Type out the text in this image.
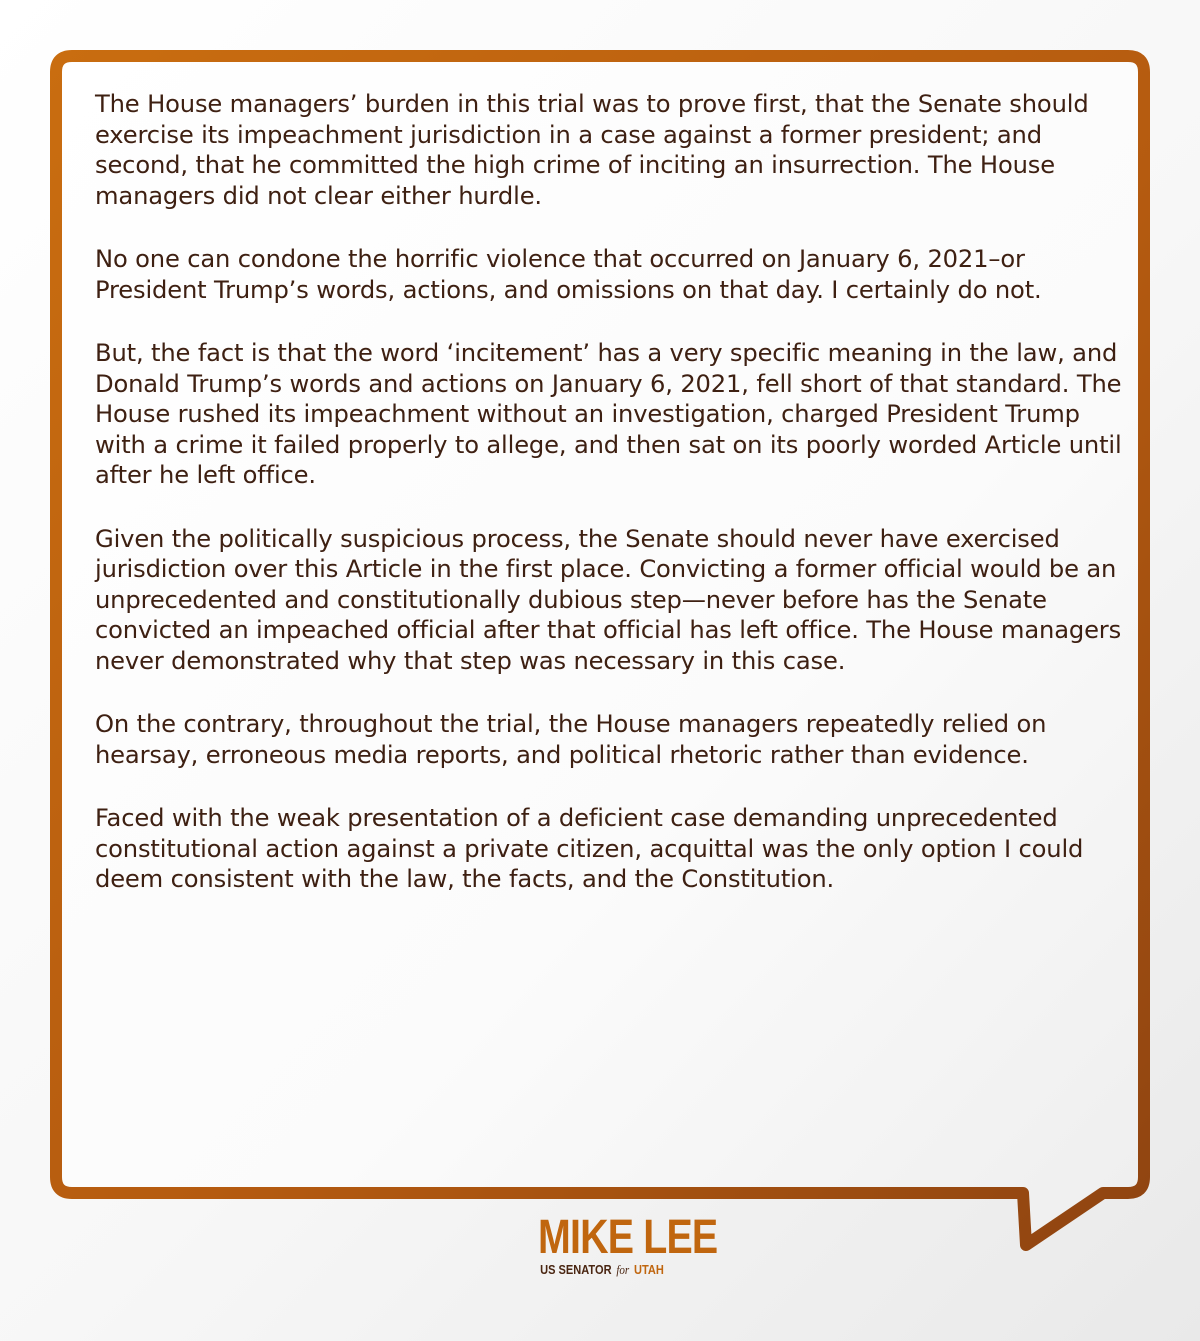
The House managers’ burden in this trial was to prove first, that the Senate should exercise its impeachment jurisdiction in a case against a former president; and second, that he committed the high crime of inciting an insurrection. The House managers did not clear either hurdle.

No one can condone the horrific violence that occurred on January 6, 2021–or President Trump’s words, actions, and omissions on that day. I certainly do not.

But, the fact is that the word ‘incitement’ has a very specific meaning in the law, and Donald Trump’s words and actions on January 6, 2021, fell short of that standard. The House rushed its impeachment without an investigation, charged President Trump with a crime it failed properly to allege, and then sat on its poorly worded Article until after he left office.

Given the politically suspicious process, the Senate should never have exercised jurisdiction over this Article in the first place. Convicting a former official would be an unprecedented and constitutionally dubious step—never before has the Senate convicted an impeached official after that official has left office. The House managers never demonstrated why that step was necessary in this case.

On the contrary, throughout the trial, the House managers repeatedly relied on hearsay, erroneous media reports, and political rhetoric rather than evidence.

Faced with the weak presentation of a deficient case demanding unprecedented constitutional action against a private citizen, acquittal was the only option I could deem consistent with the law, the facts, and the Constitution.

MIKE LEE
US SENATOR for UTAH
